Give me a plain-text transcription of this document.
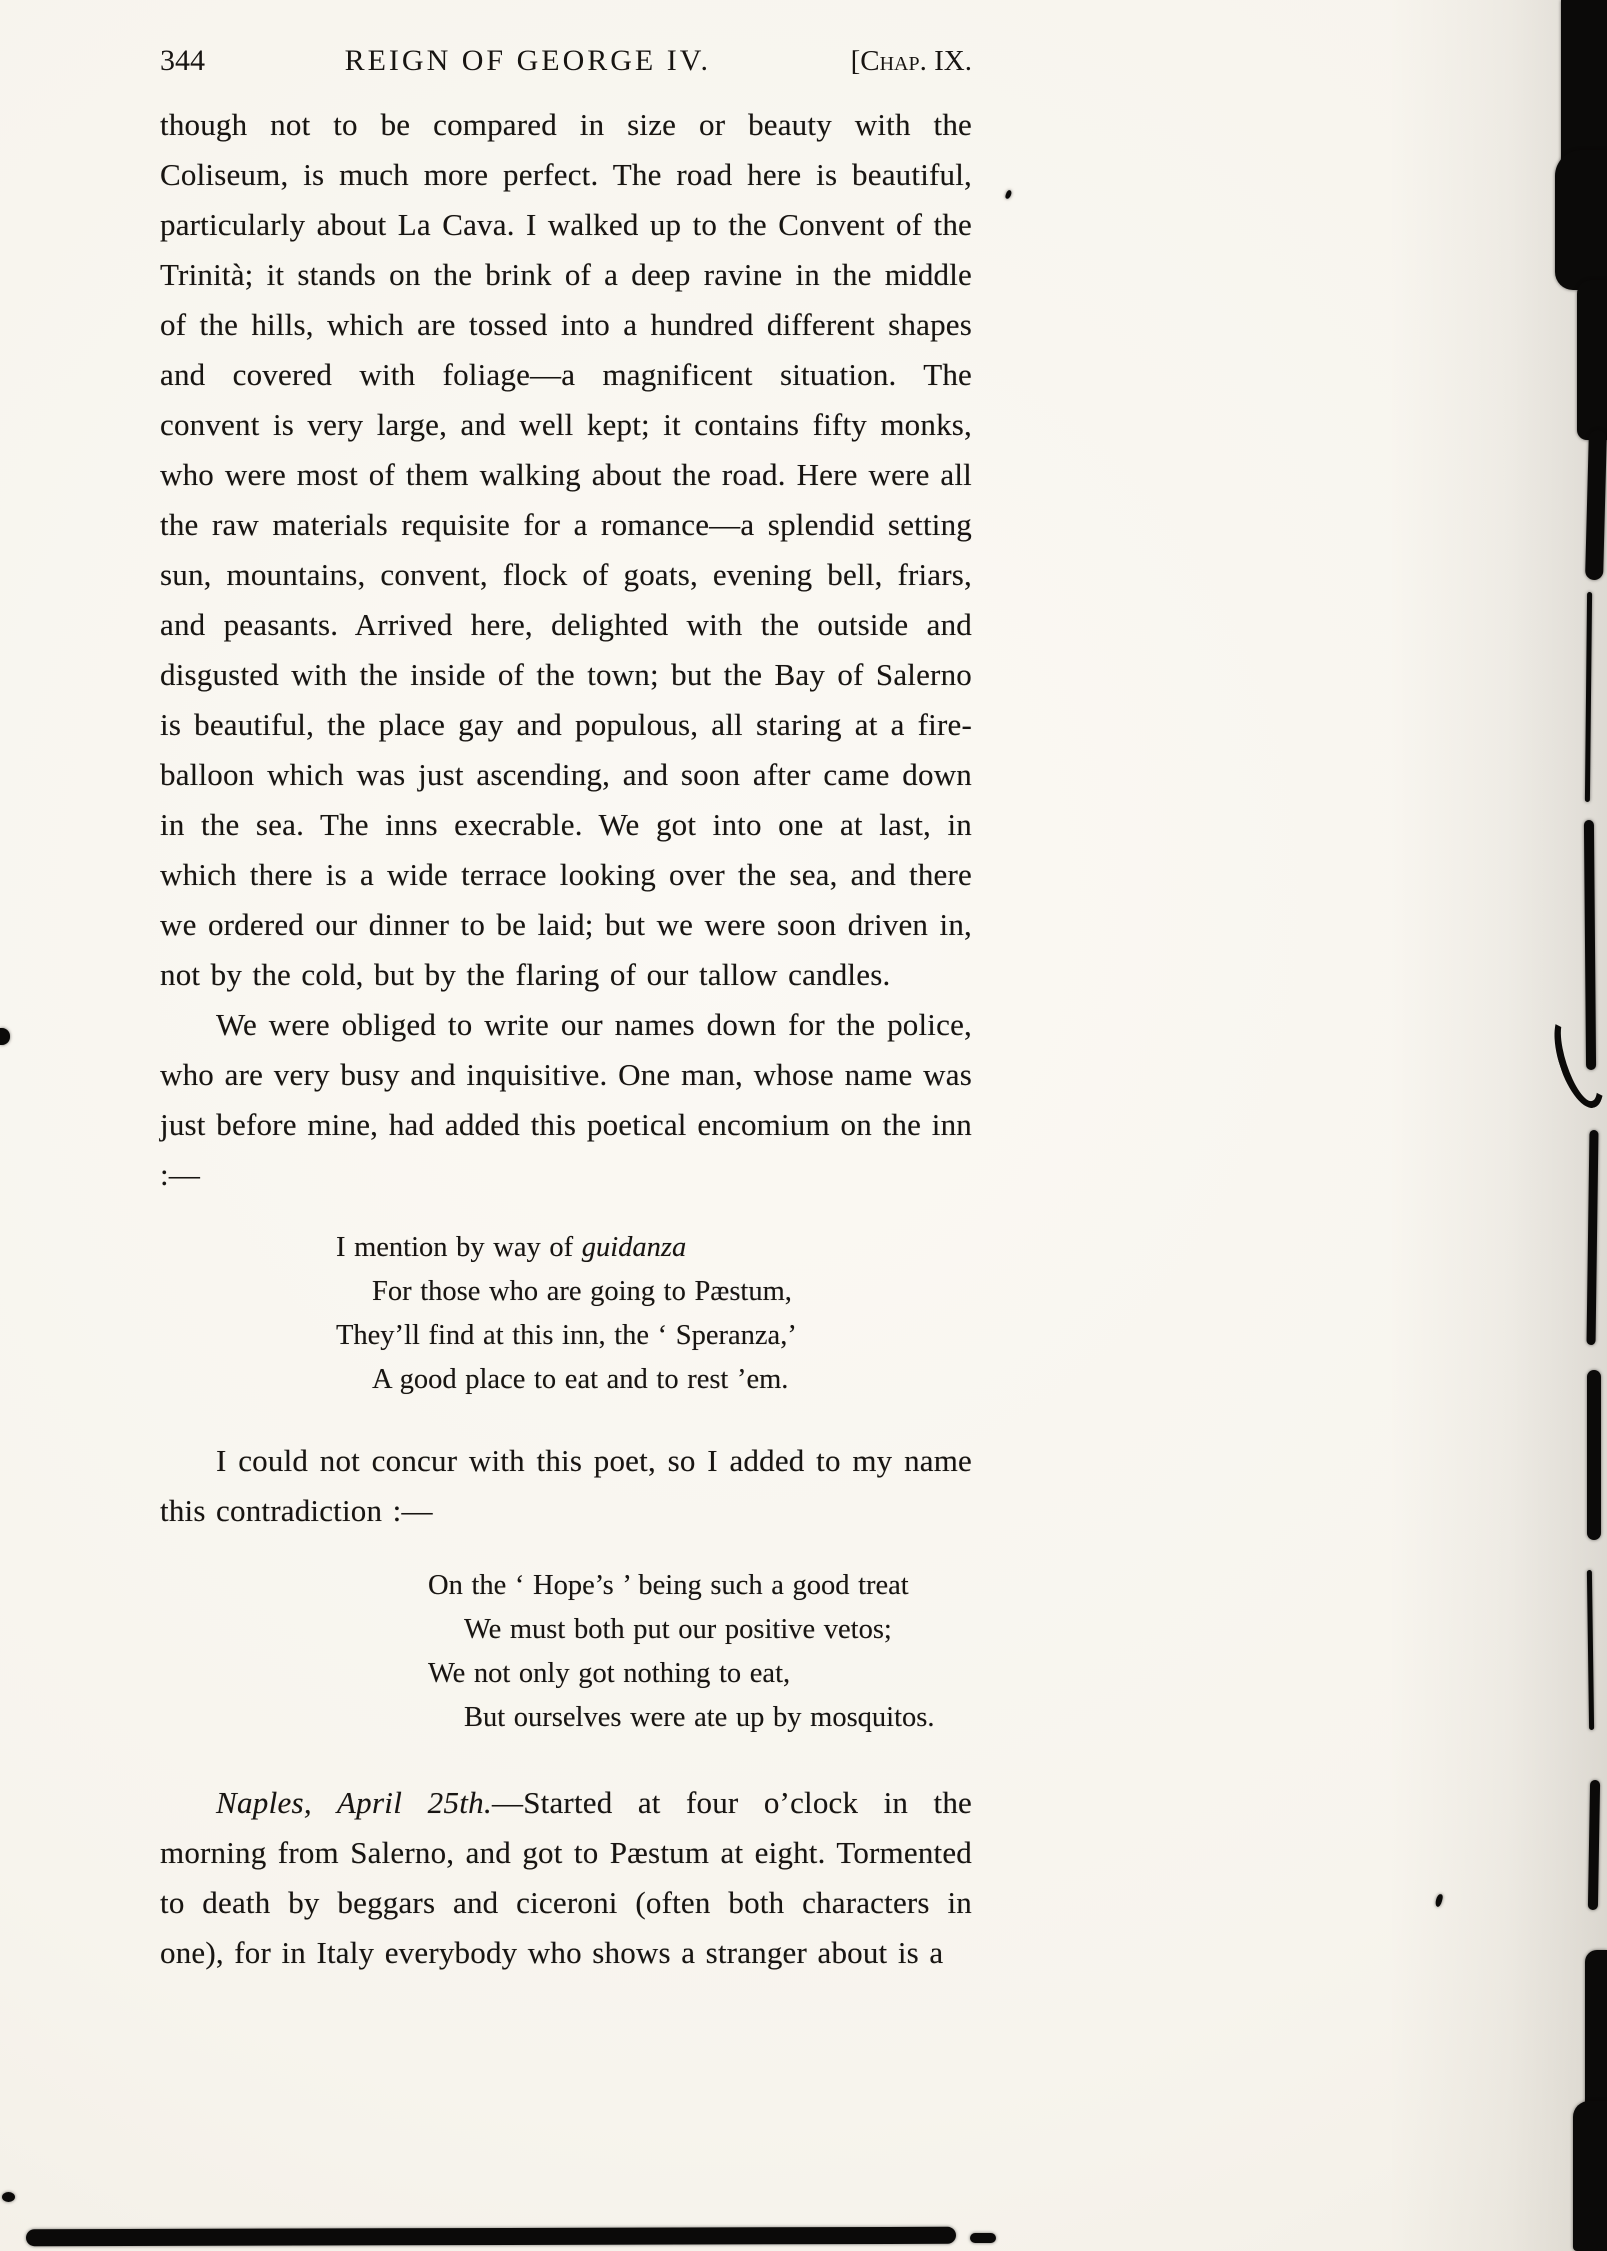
344	REIGN OF GEORGE IV.	[Chap. IX.

though not to be compared in size or beauty with the Coliseum, is much more perfect. The road here is beautiful, particularly about La Cava. I walked up to the Convent of the Trinità; it stands on the brink of a deep ravine in the middle of the hills, which are tossed into a hundred different shapes and covered with foliage—a magnificent situation. The convent is very large, and well kept; it contains fifty monks, who were most of them walking about the road. Here were all the raw materials requisite for a romance—a splendid setting sun, mountains, convent, flock of goats, evening bell, friars, and peasants. Arrived here, delighted with the outside and disgusted with the inside of the town; but the Bay of Salerno is beautiful, the place gay and populous, all staring at a fire-balloon which was just ascending, and soon after came down in the sea. The inns execrable. We got into one at last, in which there is a wide terrace looking over the sea, and there we ordered our dinner to be laid; but we were soon driven in, not by the cold, but by the flaring of our tallow candles.

We were obliged to write our names down for the police, who are very busy and inquisitive. One man, whose name was just before mine, had added this poetical encomium on the inn :—

I mention by way of guidanza
For those who are going to Pæstum,
They’ll find at this inn, the ‘ Speranza,’
A good place to eat and to rest ’em.

I could not concur with this poet, so I added to my name this contradiction :—

On the ‘ Hope’s ’ being such a good treat
We must both put our positive vetos;
We not only got nothing to eat,
But ourselves were ate up by mosquitos.

Naples, April 25th.—Started at four o’clock in the morning from Salerno, and got to Pæstum at eight. Tormented to death by beggars and ciceroni (often both characters in one), for in Italy everybody who shows a stranger about is a
